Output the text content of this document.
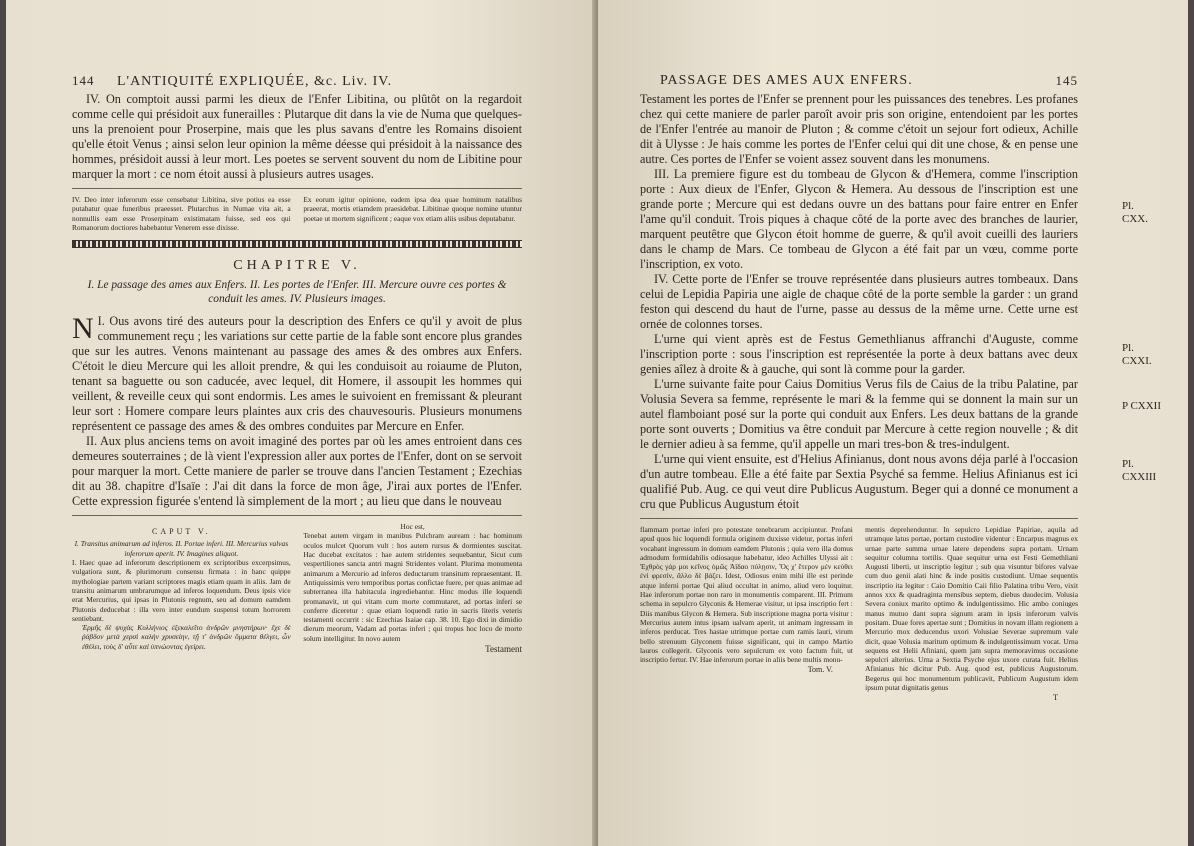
144 L'ANTIQUITÉ EXPLIQUÉE, &c. Liv. IV.

IV. On comptoit aussi parmi les dieux de l'Enfer Libitina, ou plûtôt on la regardoit comme celle qui présidoit aux funerailles : Plutarque dit dans la vie de Numa que quelques-uns la prenoient pour Proserpine, mais que les plus savans d'entre les Romains disoient qu'elle étoit Venus ; ainsi selon leur opinion la même déesse qui présidoit à la naissance des hommes, présidoit aussi à leur mort. Les poetes se servent souvent du nom de Libitine pour marquer la mort : ce nom étoit aussi à plusieurs autres usages.

IV. Deo inter inferorum esse censebatur Libitina, sive potius ea esse putabatur quae funeribus praeesset. Plutarchus in Numae vita ait, a nonnullis eam esse Proserpinam existimatam fuisse, sed eos qui Romanorum doctiores habebantur Venerem esse dixisse.

Ex eorum igitur opinione, eadem ipsa dea quae hominum natalibus praeerat, mortis etiamdem praesidebat. Libitinae quoque nomine utuntur poetae ut mortem significent ; eaque vox etiam aliis usibus deputabatur.

CHAPITRE V.
I. Le passage des ames aux Enfers. II. Les portes de l'Enfer. III. Mercure ouvre ces portes & conduit les ames. IV. Plusieurs images.
N I. Ous avons tiré des auteurs pour la description des Enfers ce qu'il y avoit de plus communement reçu ; les variations sur cette partie de la fable sont encore plus grandes que sur les autres. Venons maintenant au passage des ames & des ombres aux Enfers. C'étoit le dieu Mercure qui les alloit prendre, & qui les conduisoit au roiaume de Pluton, tenant sa baguette ou son caducée, avec lequel, dit Homere, il assoupit les hommes qui veillent, & reveille ceux qui sont endormis. Les ames le suivoient en fremissant & pleurant leur sort : Homere compare leurs plaintes aux cris des chauvesouris. Plusieurs monumens représentent ce passage des ames & des ombres conduites par Mercure en Enfer.

II. Aux plus anciens tems on avoit imaginé des portes par où les ames entroient dans ces demeures souterraines ; de là vient l'expression aller aux portes de l'Enfer, dont on se servoit pour marquer la mort. Cette maniere de parler se trouve dans l'ancien Testament ; Ezechias dit au 38. chapitre d'Isaïe : J'ai dit dans la force de mon âge, J'irai aux portes de l'Enfer. Cette expression figurée s'entend là simplement de la mort ; au lieu que dans le nouveau

CAPUT V.

I. Transitus animarum ad inferos. II. Portae inferi. III. Mercurius valvas inferorum aperit. IV. Imagines aliquot.

I. Haec quae ad inferorum descriptionem ex scriptoribus excerpsimus, vulgatiora sunt, & plurimorum consensu firmata : in hanc quippe mythologiae partem variant scriptores magis etiam quam in aliis. Jam de transitu animarum umbrarumque ad inferos loquendum. Deus ipsis vice erat Mercurius, qui ipsas in Plutonis regnum, seu ad domum eamdem Plutonis deducebat : illa vero inter eundum suspensi totum horrorem sentiebant.

Ἑρμῆς δὲ ψυχὰς Κυλλήνιος ἐξεκαλεῖτο ἀνδρῶν μνηστήρων· ἔχε δὲ ῥάβδον μετὰ χερσὶ καλὴν χρυσείην, τῇ τ' ἀνδρῶν ὄμματα θέλγει, ὧν ἐθέλει, τοὺς δ' αὖτε καὶ ὑπνώοντας ἐγείρει.

Hoc est,

Tenebat autem virgam in manibus Pulchram auream : hac hominum oculos mulcet Quorum vult : hos autem rursus & dormientes suscitat. Hac ducebat excitatos : hae autem stridentes sequebantur, Sicut cum vespertiliones sancta antri magni Stridentes volant. Plurima monumenta animarum a Mercurio ad inferos deductarum transitum repraesentant. II. Antiquissimis vero temporibus portas confictae fuere, per quas animae ad subterranea illa habitacula ingrediebantur. Hinc modus ille loquendi promanavit, ut qui vitam cum morte commutaret, ad portas inferi se conferre diceretur : quae etiam loquendi ratio in sacris literis veteris testamenti occurrit : sic Ezechias Isaiae cap. 38. 10. Ego dixi in dimidio dierum meorum, Vadam ad portas inferi ; qui tropus hoc loco de morte solum intelligitur. In novo autem

Testament
PASSAGE DES AMES AUX ENFERS.	145

Testament les portes de l'Enfer se prennent pour les puissances des tenebres. Les profanes chez qui cette maniere de parler paroît avoir pris son origine, entendoient par les portes de l'Enfer l'entrée au manoir de Pluton ; & comme c'étoit un sejour fort odieux, Achille dit à Ulysse : Je hais comme les portes de l'Enfer celui qui dit une chose, & en pense une autre. Ces portes de l'Enfer se voient assez souvent dans les monumens.

III. La premiere figure est du tombeau de Glycon & d'Hemera, comme l'inscription porte : Aux dieux de l'Enfer, Glycon & Hemera. Au dessous de l'inscription est une grande porte ; Mercure qui est dedans ouvre un des battans pour faire entrer en Enfer l'ame qu'il conduit. Trois piques à chaque côté de la porte avec des branches de laurier, marquent peutêtre que Glycon étoit homme de guerre, & qu'il avoit cueilli des lauriers dans le champ de Mars. Ce tombeau de Glycon a été fait par un vœu, comme porte l'inscription, ex voto.

IV. Cette porte de l'Enfer se trouve représentée dans plusieurs autres tombeaux. Dans celui de Lepidia Papiria une aigle de chaque côté de la porte semble la garder : un grand feston qui descend du haut de l'urne, passe au dessus de la même urne. Cette urne est ornée de colonnes torses.

L'urne qui vient après est de Festus Gemethlianus affranchi d'Auguste, comme l'inscription porte : sous l'inscription est représentée la porte à deux battans avec deux genies aîlez à droite & à gauche, qui sont là comme pour la garder.

L'urne suivante faite pour Caius Domitius Verus fils de Caius de la tribu Palatine, par Volusia Severa sa femme, représente le mari & la femme qui se donnent la main sur un autel flamboiant posé sur la porte qui conduit aux Enfers. Les deux battans de la grande porte sont ouverts ; Domitius va être conduit par Mercure à cette region nouvelle ; & dit le dernier adieu à sa femme, qu'il appelle un mari tres-bon & tres-indulgent.

L'urne qui vient ensuite, est d'Helius Afinianus, dont nous avons déja parlé à l'occasion d'un autre tombeau. Elle a été faite par Sextia Psyché sa femme. Helius Afinianus est ici qualifié Pub. Aug. ce qui veut dire Publicus Augustum. Beger qui a donné ce monument a cru que Publicus Augustum étoit

flammam portae inferi pro potestate tenebrarum accipiuntur. Profani apud quos hic loquendi formula originem duxisse videtur, portas inferi vocabant ingressum in domum eamdem Plutonis ; quia vero illa domus admodum formidabilis odiosaque habebatur, ideo Achilles Ulyssi ait : Ἐχθρὸς γάρ μοι κεῖνος ὁμῶς Ἀΐδαο πύλῃσιν, Ὅς χ' ἕτερον μὲν κεύθει ἐνὶ φρεσίν, ἄλλο δὲ βάζει. Idest, Odiosus enim mihi ille est perinde atque inferni portae Qui aliud occultat in animo, aliud vero loquitur. Hae inferorum portae non raro in monumentis comparent. III. Primum schema in sepulcro Glyconis & Hemerae visitur, ut ipsa inscriptio fert : Diis manibus Glycon & Hemera. Sub inscriptione magna porta visitur : Mercurius autem intus ipsam ualvam aperit, ut animam ingressam in inferos perducat. Tres hastae utrimque portae cum ramis lauri, virum bello strenuum Glyconem fuisse significant, qui in campo Martio lauros collegerit. Glyconis vero sepulcrum ex voto factum fuit, ut inscriptio fertur. IV. Hae inferorum portae in aliis bene multis monu-

Tom. V.

mentis deprehenduntur. In sepulcro Lepidiae Papiriae, aquila ad utramque latus portae, portam custodire videntur : Encarpus magnus ex urnae parte summa urnae latere dependens supra portam. Urnam sequitur columna tortilis. Quae sequitur urna est Festi Gemethliani Augusti liberti, ut inscriptio legitur ; sub qua visuntur bifores valvae cum duo genii alati hinc & inde positis custodiunt. Urnae sequentis inscriptio ita legitur : Caio Domitio Caii filio Palatina tribu Vero, vixit annos xxx & quadraginta mensibus septem, diebus duodecim. Volusia Severa coniux marito optimo & indulgentissimo. Hic ambo coniuges manus mutuo dant supra signum aram in ipsis inferorum valvis positam. Duae fores apertae sunt ; Domitius in novam illam regionem a Mercurio mox deducendus uxori Volusiae Severae supremum vale dicit, quae Volusia maritum optimum & indulgentissimum vocat. Urna sequens est Helii Afiniani, quem jam supra memoravimus occasione sepulcri alterius. Urna a Sextia Psyche ejus uxore curata fuit. Helius Afinianus hic dicitur Pub. Aug. quod est, publicus Augustorum. Begerus qui hoc monumentum publicavit, Publicum Augustum idem ipsum putat dignitatis genus

T
Pl. CXX.
Pl. CXXI.
P CXXII
Pl. CXXIII
